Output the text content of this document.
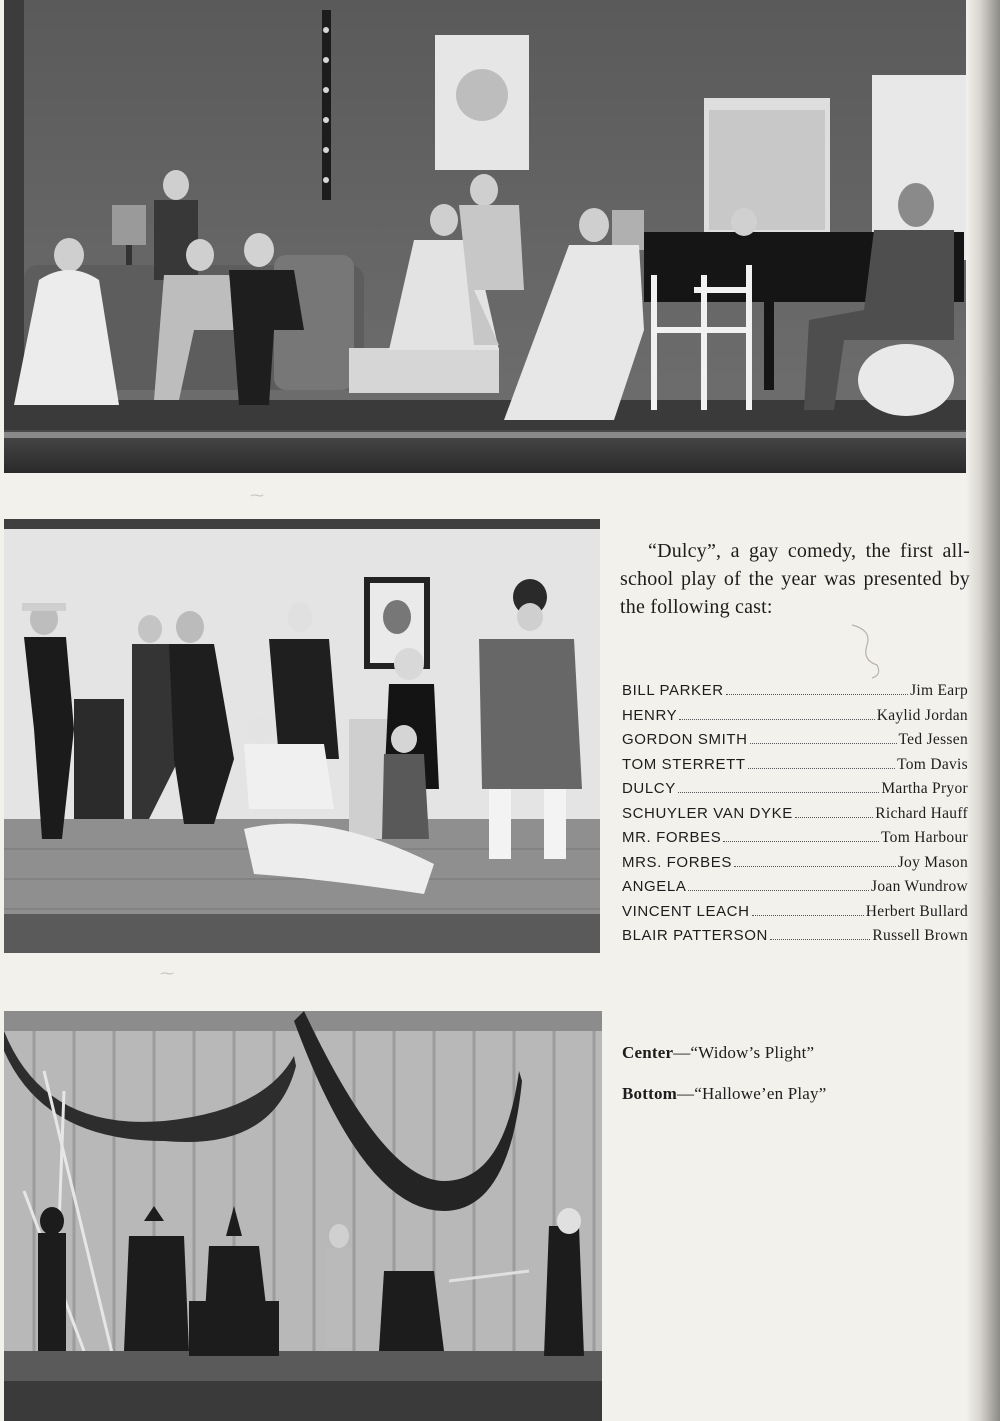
⁓
⁓
“Dulcy”, a gay comedy, the first all-school play of the year was presented by the following cast:
BILL PARKER	Jim Earp
HENRY	Kaylid Jordan
GORDON SMITH	Ted Jessen
TOM STERRETT	Tom Davis
DULCY	Martha Pryor
SCHUYLER VAN DYKE	Richard Hauff
MR. FORBES	Tom Harbour
MRS. FORBES	Joy Mason
ANGELA	Joan Wundrow
VINCENT LEACH	Herbert Bullard
BLAIR PATTERSON	Russell Brown
Center—“Widow’s Plight”
Bottom—“Hallowe’en Play”
